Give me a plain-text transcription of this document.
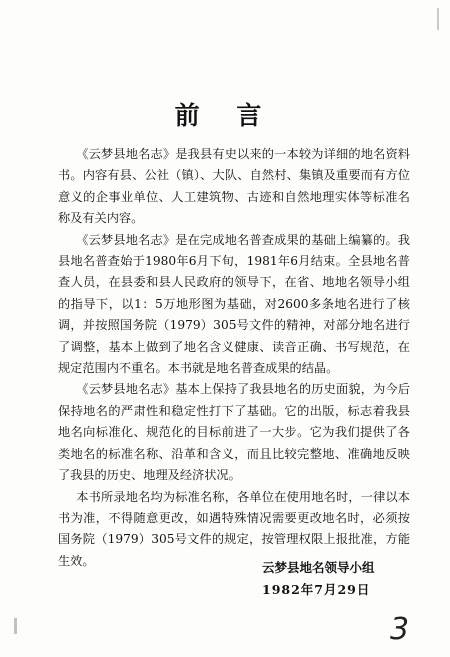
前 言

《云梦县地名志》是我县有史以来的一本较为详细的地名资料书。内容有县、公社（镇）、大队、自然村、集镇及重要而有方位意义的企事业单位、人工建筑物、古迹和自然地理实体等标准名称及有关内容。

《云梦县地名志》是在完成地名普查成果的基础上编纂的。我县地名普查始于1980年6月下旬，1981年6月结束。全县地名普查人员，在县委和县人民政府的领导下，在省、地地名领导小组的指导下，以1：5万地形图为基础，对2600多条地名进行了核调，并按照国务院（1979）305号文件的精神，对部分地名进行了调整，基本上做到了地名含义健康、读音正确、书写规范，在规定范围内不重名。本书就是地名普查成果的结晶。

《云梦县地名志》基本上保持了我县地名的历史面貌，为今后保持地名的严肃性和稳定性打下了基础。它的出版，标志着我县地名向标准化、规范化的目标前进了一大步。它为我们提供了各类地名的标准名称、沿革和含义，而且比较完整地、准确地反映了我县的历史、地理及经济状况。

本书所录地名均为标准名称，各单位在使用地名时，一律以本书为准，不得随意更改，如遇特殊情况需要更改地名时，必须按国务院（1979）305号文件的规定，按管理权限上报批准，方能生效。	云梦县地名领导小组
1982年7月29日
3
